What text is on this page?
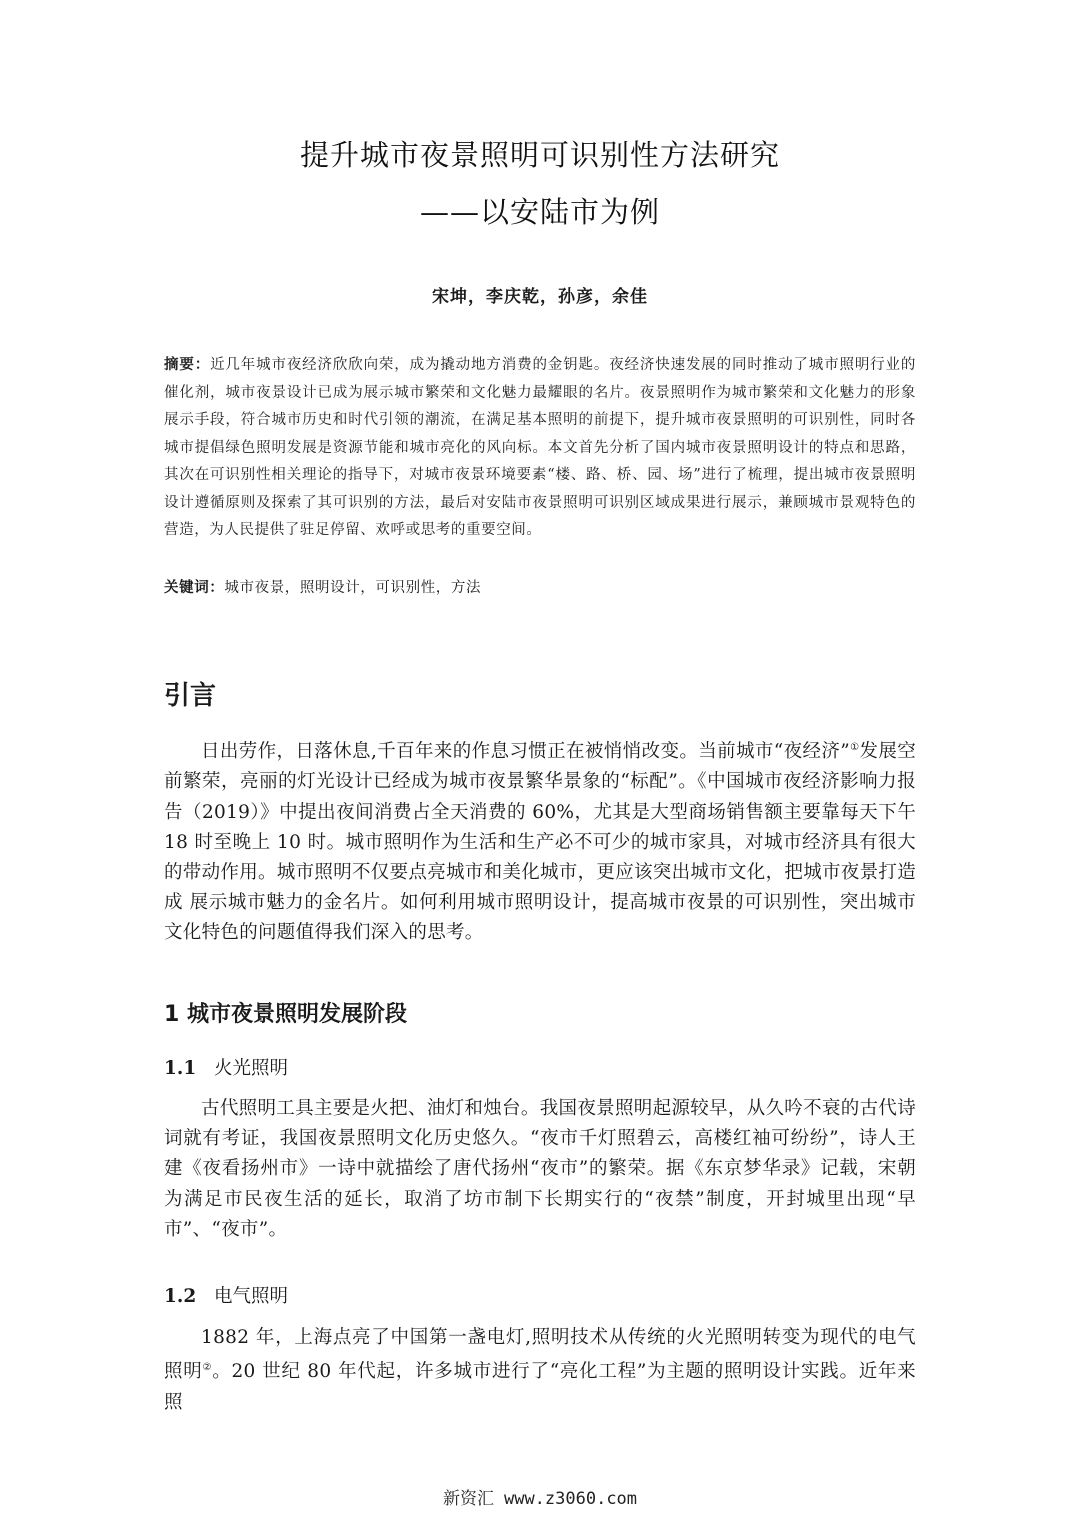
提升城市夜景照明可识别性方法研究
——以安陆市为例
宋坤，李庆乾，孙彦，余佳
摘要：近几年城市夜经济欣欣向荣，成为撬动地方消费的金钥匙。夜经济快速发展的同时推动了城市照明行业的催化剂，城市夜景设计已成为展示城市繁荣和文化魅力最耀眼的名片。夜景照明作为城市繁荣和文化魅力的形象展示手段，符合城市历史和时代引领的潮流，在满足基本照明的前提下，提升城市夜景照明的可识别性，同时各城市提倡绿色照明发展是资源节能和城市亮化的风向标。本文首先分析了国内城市夜景照明设计的特点和思路，其次在可识别性相关理论的指导下，对城市夜景环境要素“楼、路、桥、园、场”进行了梳理，提出城市夜景照明设计遵循原则及探索了其可识别的方法，最后对安陆市夜景照明可识别区域成果进行展示，兼顾城市景观特色的营造，为人民提供了驻足停留、欢呼或思考的重要空间。
关键词：城市夜景，照明设计，可识别性，方法
引言
日出劳作，日落休息,千百年来的作息习惯正在被悄悄改变。当前城市“夜经济”①发展空前繁荣，亮丽的灯光设计已经成为城市夜景繁华景象的“标配”。《中国城市夜经济影响力报告（2019）》中提出夜间消费占全天消费的 60%，尤其是大型商场销售额主要靠每天下午 18 时至晚上 10 时。城市照明作为生活和生产必不可少的城市家具，对城市经济具有很大的带动作用。城市照明不仅要点亮城市和美化城市，更应该突出城市文化，把城市夜景打造成 展示城市魅力的金名片。如何利用城市照明设计，提高城市夜景的可识别性，突出城市文化特色的问题值得我们深入的思考。
1 城市夜景照明发展阶段
1.1 火光照明
古代照明工具主要是火把、油灯和烛台。我国夜景照明起源较早，从久吟不衰的古代诗词就有考证，我国夜景照明文化历史悠久。“夜市千灯照碧云，高楼红袖可纷纷”，诗人王建《夜看扬州市》一诗中就描绘了唐代扬州“夜市”的繁荣。据《东京梦华录》记载，宋朝为满足市民夜生活的延长，取消了坊市制下长期实行的“夜禁”制度，开封城里出现“早市”、“夜市”。
1.2 电气照明
1882 年，上海点亮了中国第一盏电灯,照明技术从传统的火光照明转变为现代的电气照明②。20 世纪 80 年代起，许多城市进行了“亮化工程”为主题的照明设计实践。近年来照
新资汇 www.z3060.com
